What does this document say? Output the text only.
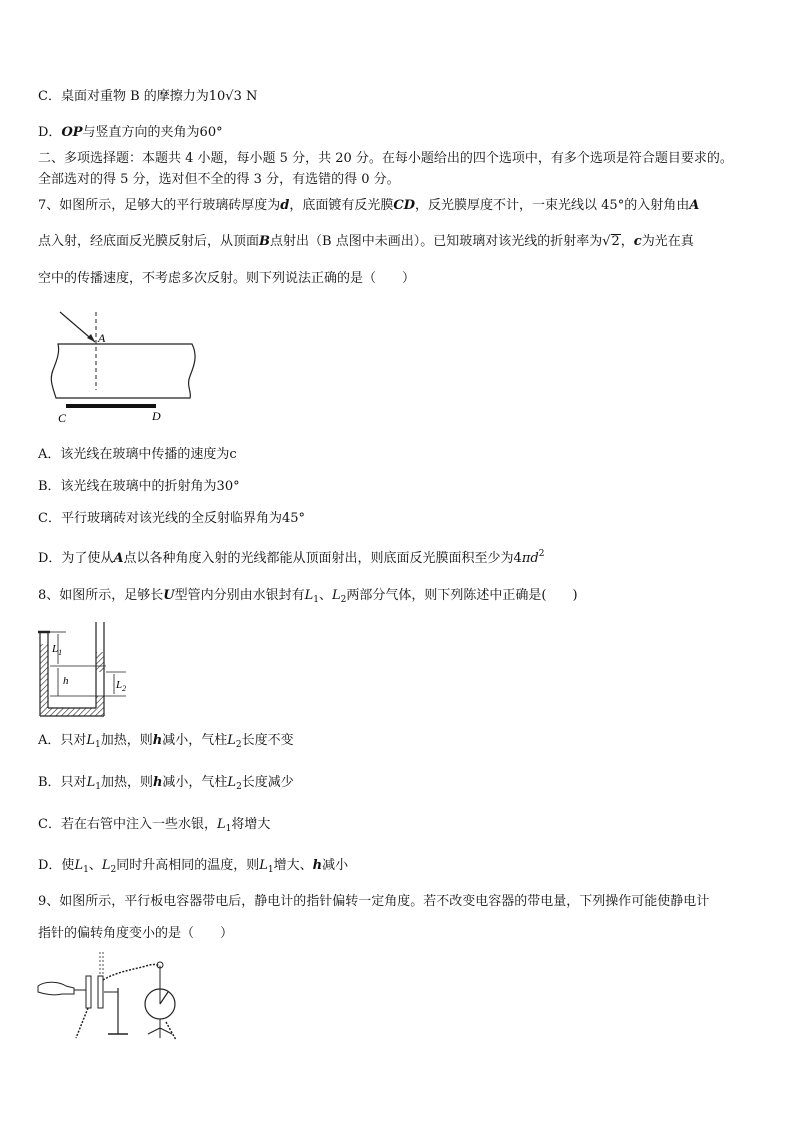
C．桌面对重物 B 的摩擦力为10√3 N
D．OP与竖直方向的夹角为60°
二、多项选择题：本题共 4 小题，每小题 5 分，共 20 分。在每小题给出的四个选项中，有多个选项是符合题目要求的。
全部选对的得 5 分，选对但不全的得 3 分，有选错的得 0 分。
7、如图所示，足够大的平行玻璃砖厚度为d，底面镀有反光膜CD，反光膜厚度不计，一束光线以 45°的入射角由A
点入射，经底面反光膜反射后，从顶面B点射出（B 点图中未画出）。已知玻璃对该光线的折射率为√2，c为光在真
空中的传播速度，不考虑多次反射。则下列说法正确的是（　　）
A
C	D
A．该光线在玻璃中传播的速度为c
B．该光线在玻璃中的折射角为30°
C．平行玻璃砖对该光线的全反射临界角为45°
D．为了使从A点以各种角度入射的光线都能从顶面射出，则底面反光膜面积至少为$4\pi d^2$
8、如图所示，足够长U型管内分别由水银封有$L_1$、$L_2$两部分气体，则下列陈述中正确是(　　)
$L_1$
h	$L_2$
A．只对$L_1$加热，则h减小，气柱$L_2$长度不变
B．只对$L_1$加热，则h减小，气柱$L_2$长度减少
C．若在右管中注入一些水银，$L_1$将增大
D．使$L_1$、$L_2$同时升高相同的温度，则$L_1$增大、h减小
9、如图所示，平行板电容器带电后，静电计的指针偏转一定角度。若不改变电容器的带电量，下列操作可能使静电计
指针的偏转角度变小的是（　　）
